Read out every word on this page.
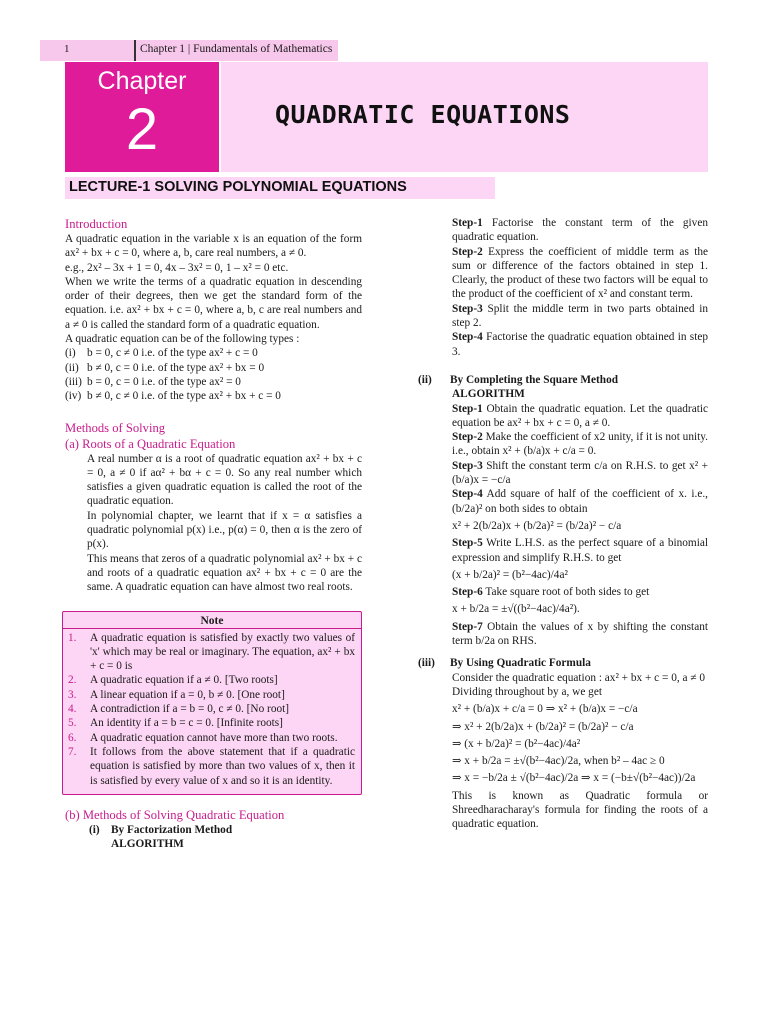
1	Chapter 1 | Fundamentals of Mathematics
Chapter
2	QUADRATIC EQUATIONS
LECTURE-1 SOLVING POLYNOMIAL EQUATIONS
Introduction

A quadratic equation in the variable x is an equation of the form ax² + bx + c = 0, where a, b, care real numbers, a ≠ 0.

e.g., 2x² – 3x + 1 = 0, 4x – 3x² = 0, 1 – x² = 0 etc.

When we write the terms of a quadratic equation in descending order of their degrees, then we get the standard form of the equation. i.e. ax² + bx + c = 0, where a, b, c are real numbers and a ≠ 0 is called the standard form of a quadratic equation.

A quadratic equation can be of the following types :

(i)	b = 0, c ≠ 0 i.e. of the type ax² + c = 0
(ii) b ≠ 0, c = 0 i.e. of the type ax² + bx = 0
(iii) b = 0, c = 0 i.e. of the type ax² = 0
(iv) b ≠ 0, c ≠ 0 i.e. of the type ax² + bx + c = 0
Methods of Solving
(a) Roots of a Quadratic Equation

A real number α is a root of quadratic equation ax² + bx + c = 0, a ≠ 0 if aα² + bα + c = 0. So any real number which satisfies a given quadratic equation is called the root of the quadratic equation.

In polynomial chapter, we learnt that if x = α satisfies a quadratic polynomial p(x) i.e., p(α) = 0, then α is the zero of p(x).

This means that zeros of a quadratic polynomial ax² + bx + c and roots of a quadratic equation ax² + bx + c = 0 are the same. A quadratic equation can have almost two real roots.

Note
1.	A quadratic equation is satisfied by exactly two values of 'x' which may be real or imaginary. The equation, ax² + bx + c = 0 is
2.	A quadratic equation if a ≠ 0. [Two roots]
3.	A linear equation if a = 0, b ≠ 0. [One root]
4.	A contradiction if a = b = 0, c ≠ 0. [No root]
5.	An identity if a = b = c = 0. [Infinite roots]
6.	A quadratic equation cannot have more than two roots.
7.	It follows from the above statement that if a quadratic equation is satisfied by more than two values of x, then it is satisfied by every value of x and so it is an identity.
(b) Methods of Solving Quadratic Equation
(i)	By Factorization Method
ALGORITHM

Step-1 Factorise the constant term of the given quadratic equation.

Step-2 Express the coefficient of middle term as the sum or difference of the factors obtained in step 1. Clearly, the product of these two factors will be equal to the product of the coefficient of x² and constant term.

Step-3 Split the middle term in two parts obtained in step 2.

Step-4 Factorise the quadratic equation obtained in step 3.

(ii)	By Completing the Square Method
ALGORITHM

Step-1 Obtain the quadratic equation. Let the quadratic equation be ax² + bx + c = 0, a ≠ 0.

Step-2 Make the coefficient of x2 unity, if it is not unity. i.e., obtain x² + (b/a)x + c/a = 0.

Step-3 Shift the constant term c/a on R.H.S. to get x² + (b/a)x = −c/a

Step-4 Add square of half of the coefficient of x. i.e., (b/2a)² on both sides to obtain

x² + 2(b/2a)x + (b/2a)² = (b/2a)² − c/a

Step-5 Write L.H.S. as the perfect square of a binomial expression and simplify R.H.S. to get

(x + b/2a)² = (b²−4ac)/4a²

Step-6 Take square root of both sides to get

x + b/2a = ±√((b²−4ac)/4a²).

Step-7 Obtain the values of x by shifting the constant term b/2a on RHS.

(iii)	By Using Quadratic Formula

Consider the quadratic equation : ax² + bx + c = 0, a ≠ 0

Dividing throughout by a, we get

x² + (b/a)x + c/a = 0 ⇒ x² + (b/a)x = −c/a

⇒ x² + 2(b/2a)x + (b/2a)² = (b/2a)² − c/a

⇒ (x + b/2a)² = (b²−4ac)/4a²

⇒ x + b/2a = ±√(b²−4ac)/2a, when b² – 4ac ≥ 0

⇒ x = −b/2a ± √(b²−4ac)/2a ⇒ x = (−b±√(b²−4ac))/2a

This is known as Quadratic formula or Shreedharacharay's formula for finding the roots of a quadratic equation.
